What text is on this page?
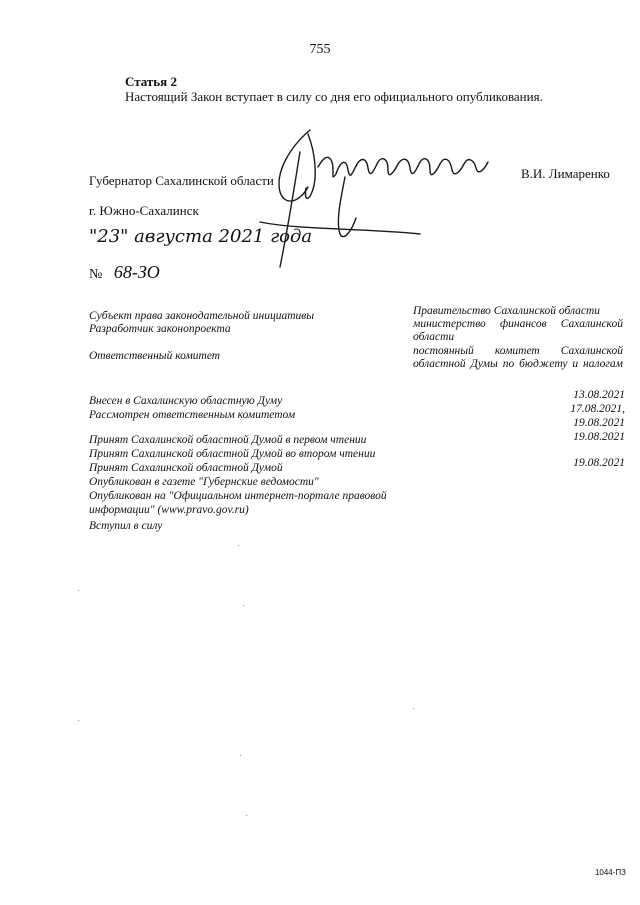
755
Статья 2
Настоящий Закон вступает в силу со дня его официального опубликования.
Губернатор Сахалинской области	В.И. Лимаренко
г. Южно-Сахалинск
"23" августа 2021 года
№ 68-ЗО
Субъект права законодательной инициативы
Разработчик законопроекта
Ответственный комитет
Правительство Сахалинской области
министерство финансов Сахалинской области
постоянный комитет Сахалинской областной Думы по бюджету и налогам
Внесен в Сахалинскую областную Думу
Рассмотрен ответственным комитетом
13.08.2021
17.08.2021,
19.08.2021
19.08.2021
Принят Сахалинской областной Думой в первом чтении
Принят Сахалинской областной Думой во втором чтении
Принят Сахалинской областной Думой	19.08.2021
Опубликован в газете "Губернские ведомости"
Опубликован на "Официальном интернет-портале правовой
информации" (www.pravo.gov.ru)
Вступил в силу
1044-ПЗ
